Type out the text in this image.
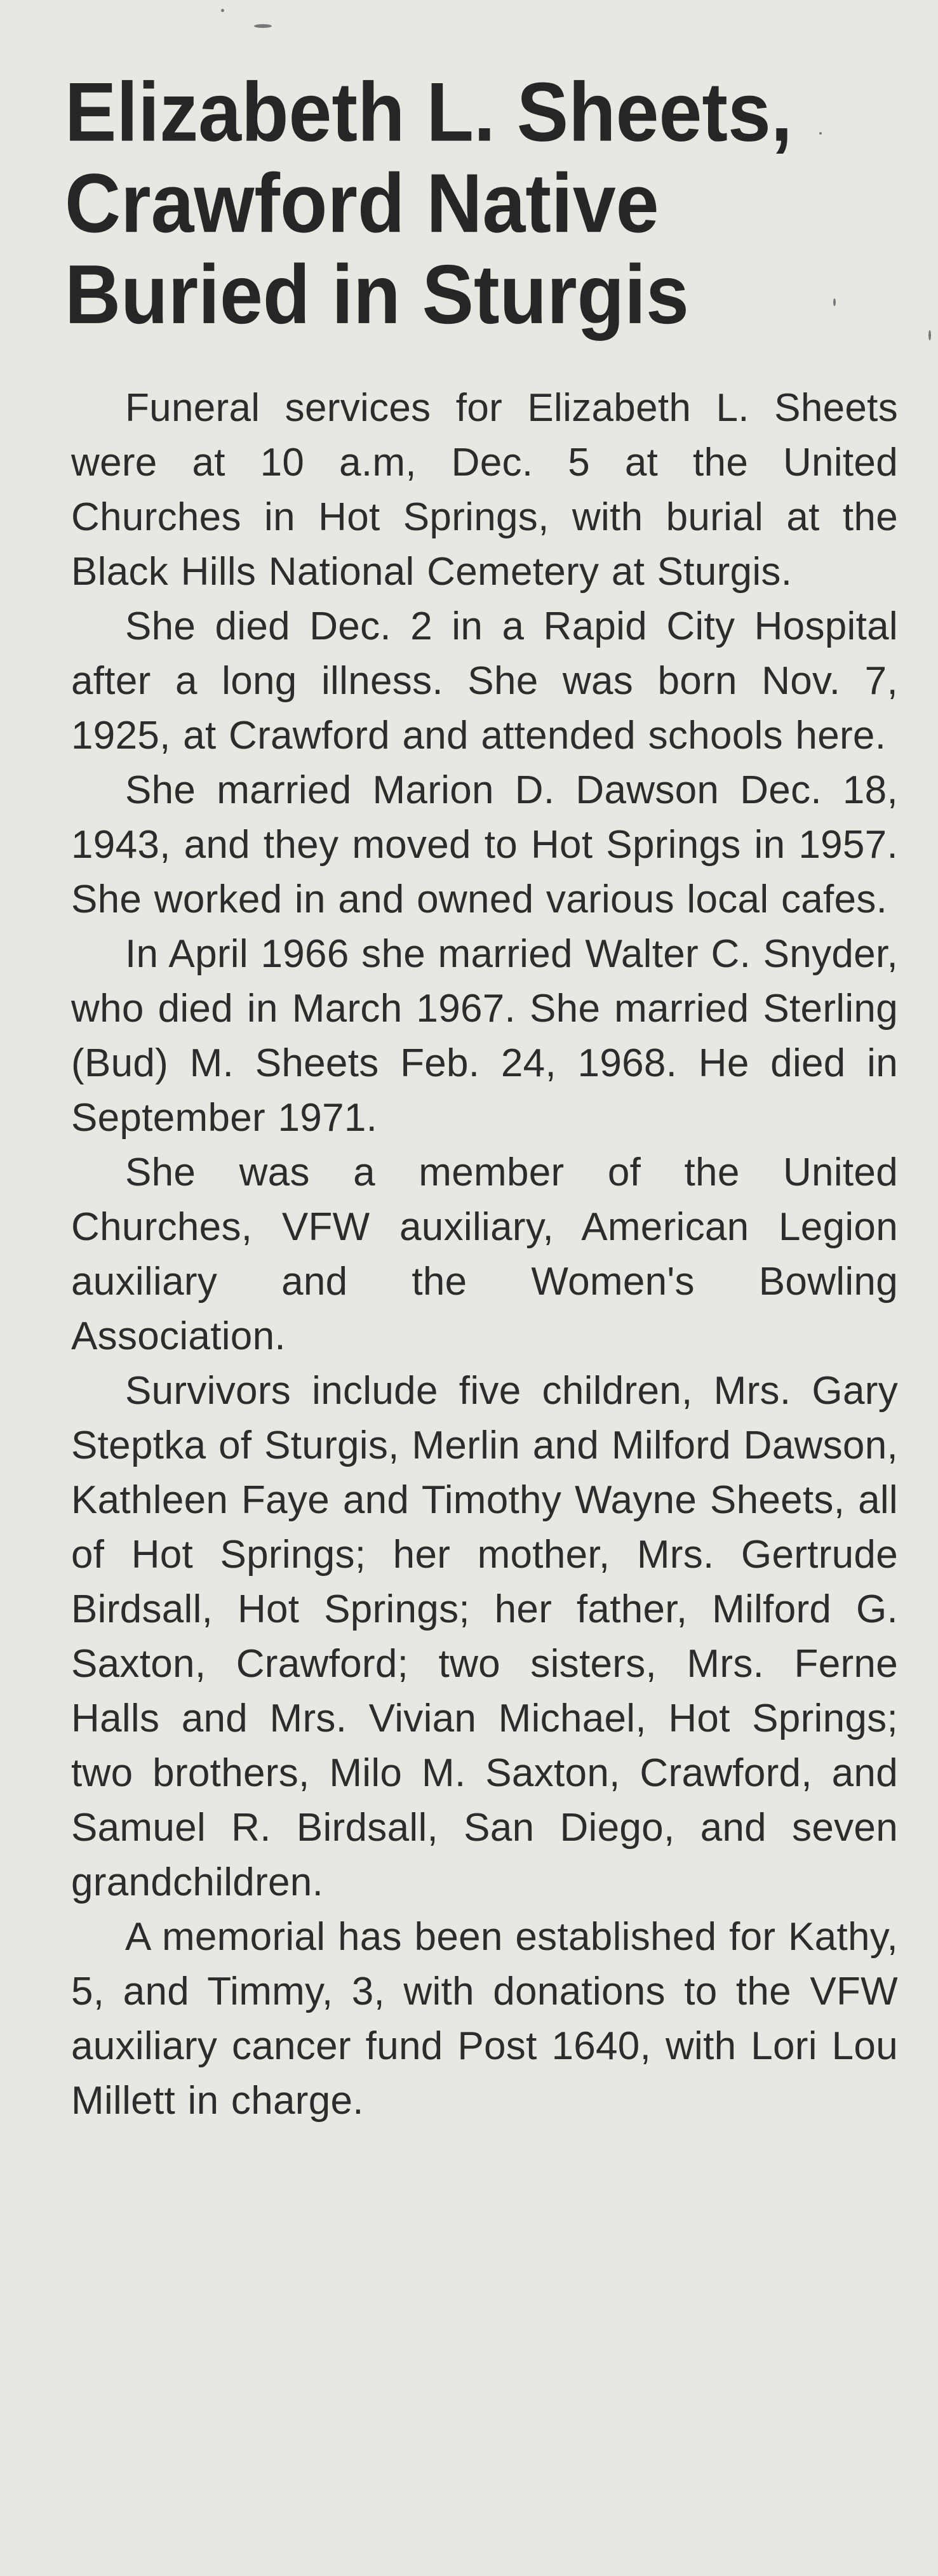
Elizabeth L. Sheets,
Crawford Native
Buried in Sturgis

Funeral services for Elizabeth L. Sheets were at 10 a.m, Dec. 5 at the United Churches in Hot Springs, with burial at the Black Hills National Cemetery at Sturgis.

She died Dec. 2 in a Rapid City Hospital after a long illness. She was born Nov. 7, 1925, at Crawford and attended schools here.

She married Marion D. Dawson Dec. 18, 1943, and they moved to Hot Springs in 1957. She worked in and owned various local cafes.

In April 1966 she married Walter C. Snyder, who died in March 1967. She married Sterling (Bud) M. Sheets Feb. 24, 1968. He died in September 1971.

She was a member of the United Churches, VFW auxiliary, American Legion auxiliary and the Women's Bowling Association.

Survivors include five children, Mrs. Gary Steptka of Sturgis, Merlin and Milford Dawson, Kathleen Faye and Timothy Wayne Sheets, all of Hot Springs; her mother, Mrs. Gertrude Birdsall, Hot Springs; her father, Milford G. Saxton, Crawford; two sisters, Mrs. Ferne Halls and Mrs. Vivian Michael, Hot Springs; two brothers, Milo M. Saxton, Crawford, and Samuel R. Birdsall, San Diego, and seven grandchildren.

A memorial has been established for Kathy, 5, and Timmy, 3, with donations to the VFW auxiliary cancer fund Post 1640, with Lori Lou Millett in charge.
